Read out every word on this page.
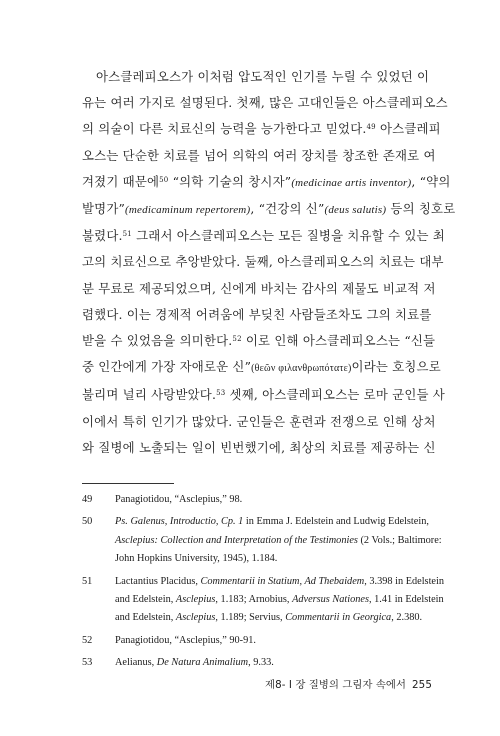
아스클레피오스가 이처럼 압도적인 인기를 누릴 수 있었던 이
유는 여러 가지로 설명된다. 첫째, 많은 고대인들은 아스클레피오스
의 의술이 다른 치료신의 능력을 능가한다고 믿었다.$^{49}$ 아스클레피
오스는 단순한 치료를 넘어 의학의 여러 장치를 창조한 존재로 여
겨졌기 때문에$^{50}$ “의학 기술의 창시자”(medicinae artis inventor), “약의
발명가”(medicaminum repertorem), “건강의 신”(deus salutis) 등의 칭호로
불렸다.$^{51}$ 그래서 아스클레피오스는 모든 질병을 치유할 수 있는 최
고의 치료신으로 추앙받았다. 둘째, 아스클레피오스의 치료는 대부
분 무료로 제공되었으며, 신에게 바치는 감사의 제물도 비교적 저
렴했다. 이는 경제적 어려움에 부딪친 사람들조차도 그의 치료를
받을 수 있었음을 의미한다.$^{52}$ 이로 인해 아스클레피오스는 “신들
중 인간에게 가장 자애로운 신”(θεῶν φιλανθρωπότατε)이라는 호칭으로
불리며 널리 사랑받았다.$^{53}$ 셋째, 아스클레피오스는 로마 군인들 사
이에서 특히 인기가 많았다. 군인들은 훈련과 전쟁으로 인해 상처
와 질병에 노출되는 일이 빈번했기에, 최상의 치료를 제공하는 신
49	Panagiotidou, “Asclepius,” 98.
50	Ps. Galenus, Introductio, Cp. 1 in Emma J. Edelstein and Ludwig Edelstein,
Asclepius: Collection and Interpretation of the Testimonies (2 Vols.; Baltimore:
John Hopkins University, 1945), 1.184.
51	Lactantius Placidus, Commentarii in Statium, Ad Thebaidem, 3.398 in Edelstein
and Edelstein, Asclepius, 1.183; Arnobius, Adversus Nationes, 1.41 in Edelstein
and Edelstein, Asclepius, 1.189; Servius, Commentarii in Georgica, 2.380.
52	Panagiotidou, “Asclepius,” 90-91.
53	Aelianus, De Natura Animalium, 9.33.
제8- I 장 질병의 그림자 속에서 255
